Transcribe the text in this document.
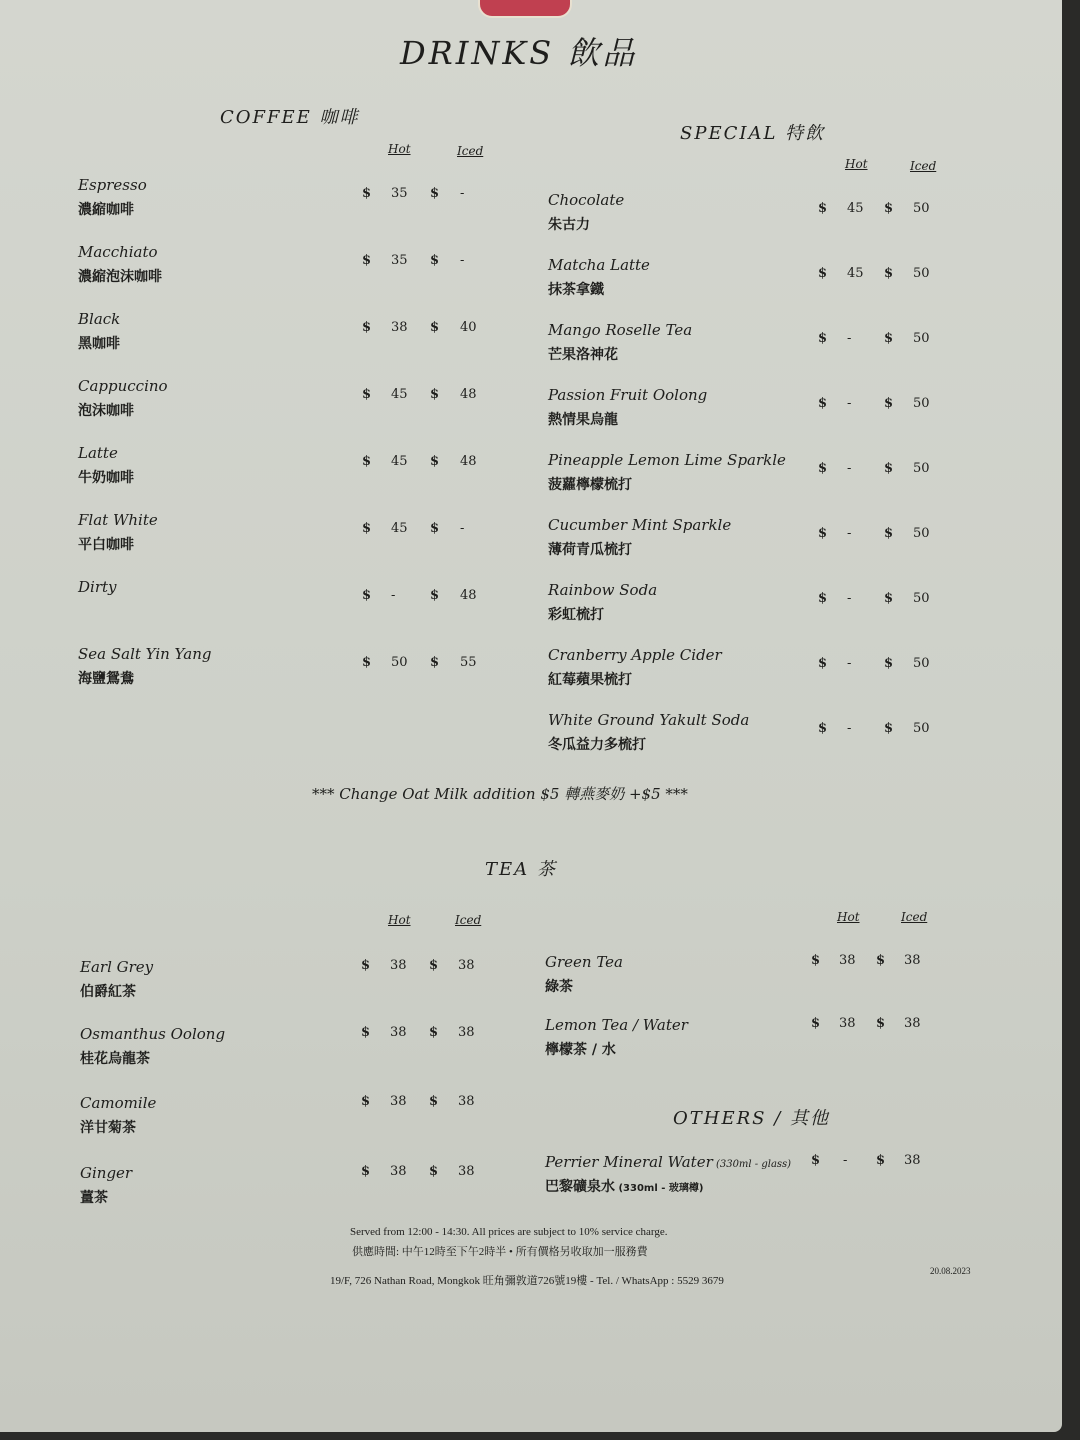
DRINKS 飲品
COFFEE 咖啡
Hot	Iced
Espresso
濃縮咖啡
$ 35 $ -
Macchiato
濃縮泡沫咖啡
$ 35 $ -
Black
黑咖啡
$ 38 $ 40
Cappuccino
泡沫咖啡
$ 45 $ 48
Latte
牛奶咖啡
$ 45 $ 48
Flat White
平白咖啡
$ 45 $ -
Dirty	$ -	$ 48
Sea Salt Yin Yang
海鹽鴛鴦
$ 50 $ 55
SPECIAL 特飲
Hot	Iced
Chocolate
朱古力
$ 45 $ 50
Matcha Latte
抹茶拿鐵
$ 45 $ 50
Mango Roselle Tea
芒果洛神花
$ -	$ 50
Passion Fruit Oolong
熱情果烏龍
$ -	$ 50
Pineapple Lemon Lime Sparkle
菠蘿檸檬梳打
$ -	$ 50
Cucumber Mint Sparkle
薄荷青瓜梳打
$ -	$ 50
Rainbow Soda
彩虹梳打
$ -	$ 50
Cranberry Apple Cider
紅莓蘋果梳打
$ -	$ 50
White Ground Yakult Soda
冬瓜益力多梳打
$ -	$ 50
*** Change Oat Milk addition $5 轉燕麥奶 +$5 ***
TEA 茶
Hot	Iced	Hot	Iced
Earl Grey
伯爵紅茶
$ 38 $ 38
Osmanthus Oolong
桂花烏龍茶
$ 38 $ 38
Camomile
洋甘菊茶
$ 38 $ 38
Ginger
薑茶
$ 38 $ 38
Green Tea
綠茶
$ 38 $ 38
Lemon Tea / Water
檸檬茶 / 水
$ 38 $ 38
OTHERS / 其他
Perrier Mineral Water (330ml - glass)
巴黎礦泉水 (330ml - 玻璃樽)
$ - $ 38
Served from 12:00 - 14:30. All prices are subject to 10% service charge.
供應時間: 中午12時至下午2時半 • 所有價格另收取加一服務費
19/F, 726 Nathan Road, Mongkok 旺角彌敦道726號19樓 - Tel. / WhatsApp : 5529 3679
20.08.2023
